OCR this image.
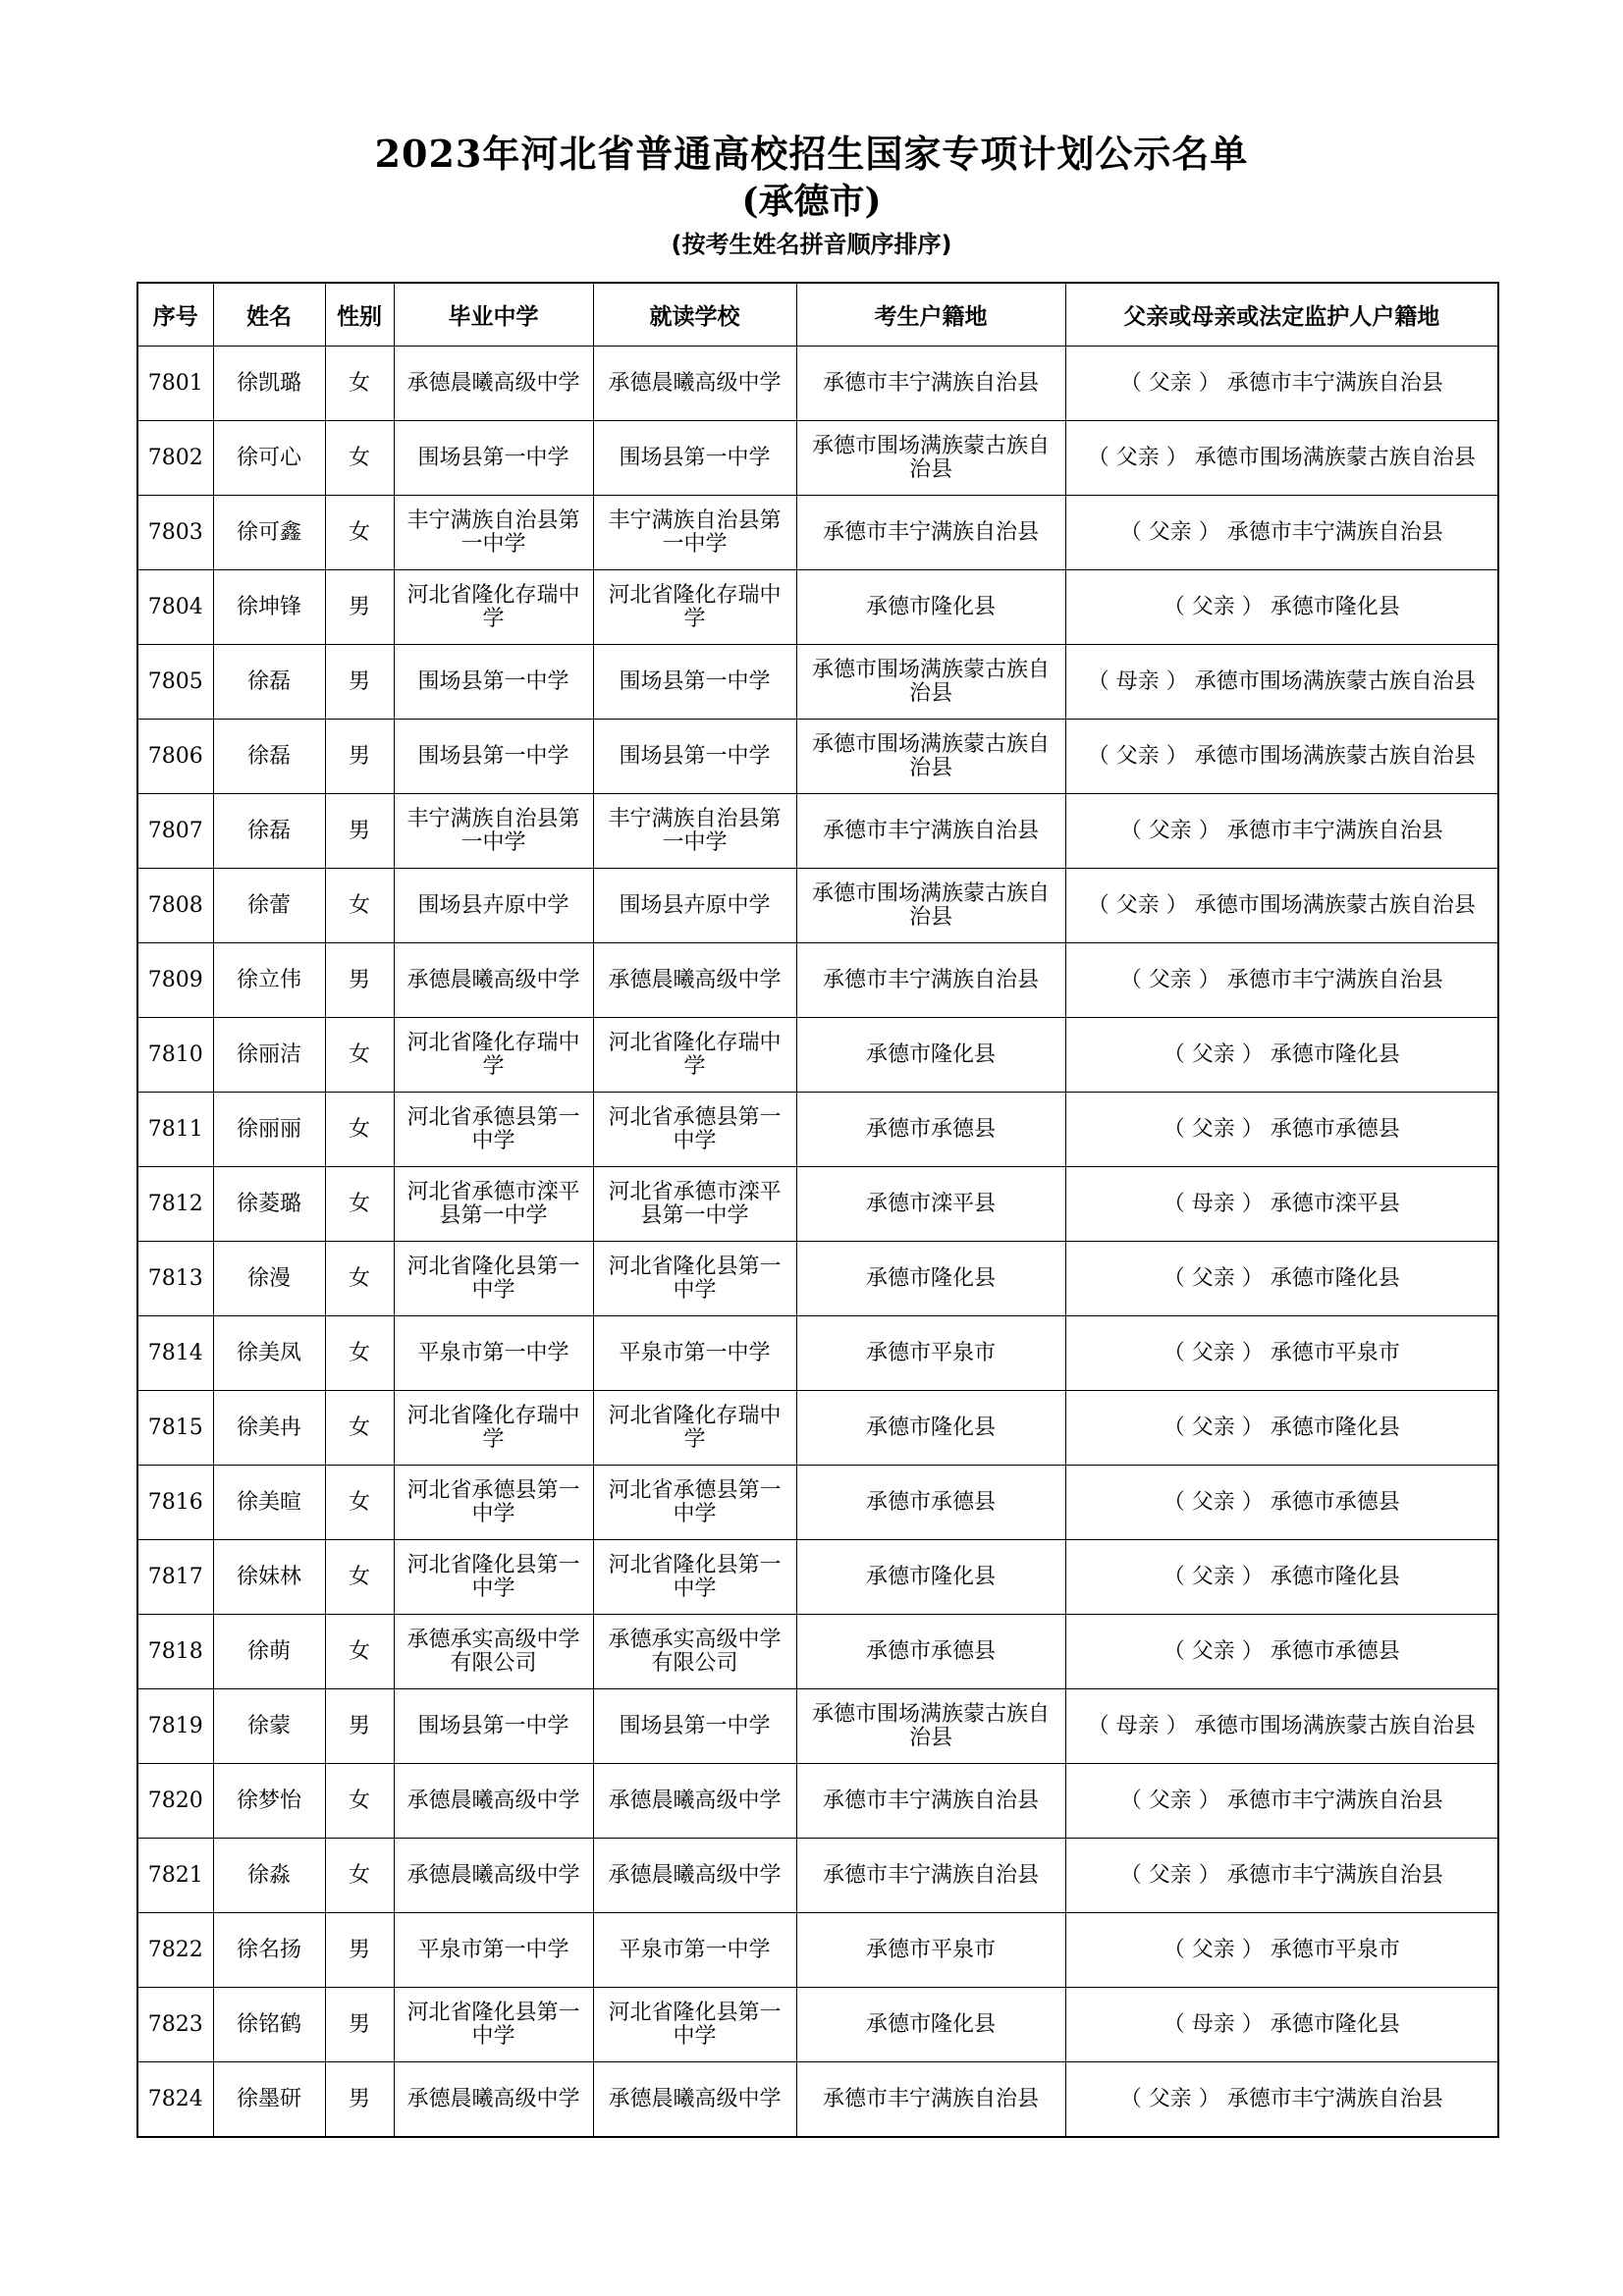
2023年河北省普通高校招生国家专项计划公示名单
(承德市)
(按考生姓名拼音顺序排序)
序号	姓名	性别	毕业中学	就读学校	考生户籍地	父亲或母亲或法定监护人户籍地
7801	徐凯璐	女	承德晨曦高级中学	承德晨曦高级中学	承德市丰宁满族自治县	（ 父亲 ） 承德市丰宁满族自治县
7802	徐可心	女	围场县第一中学	围场县第一中学	承德市围场满族蒙古族自治县	（ 父亲 ） 承德市围场满族蒙古族自治县
7803	徐可鑫	女	丰宁满族自治县第一中学	丰宁满族自治县第一中学	承德市丰宁满族自治县	（ 父亲 ） 承德市丰宁满族自治县
7804	徐坤锋	男	河北省隆化存瑞中学	河北省隆化存瑞中学	承德市隆化县	（ 父亲 ） 承德市隆化县
7805	徐磊	男	围场县第一中学	围场县第一中学	承德市围场满族蒙古族自治县	（ 母亲 ） 承德市围场满族蒙古族自治县
7806	徐磊	男	围场县第一中学	围场县第一中学	承德市围场满族蒙古族自治县	（ 父亲 ） 承德市围场满族蒙古族自治县
7807	徐磊	男	丰宁满族自治县第一中学	丰宁满族自治县第一中学	承德市丰宁满族自治县	（ 父亲 ） 承德市丰宁满族自治县
7808	徐蕾	女	围场县卉原中学	围场县卉原中学	承德市围场满族蒙古族自治县	（ 父亲 ） 承德市围场满族蒙古族自治县
7809	徐立伟	男	承德晨曦高级中学	承德晨曦高级中学	承德市丰宁满族自治县	（ 父亲 ） 承德市丰宁满族自治县
7810	徐丽洁	女	河北省隆化存瑞中学	河北省隆化存瑞中学	承德市隆化县	（ 父亲 ） 承德市隆化县
7811	徐丽丽	女	河北省承德县第一中学	河北省承德县第一中学	承德市承德县	（ 父亲 ） 承德市承德县
7812	徐菱璐	女	河北省承德市滦平县第一中学	河北省承德市滦平县第一中学	承德市滦平县	（ 母亲 ） 承德市滦平县
7813	徐漫	女	河北省隆化县第一中学	河北省隆化县第一中学	承德市隆化县	（ 父亲 ） 承德市隆化县
7814	徐美凤	女	平泉市第一中学	平泉市第一中学	承德市平泉市	（ 父亲 ） 承德市平泉市
7815	徐美冉	女	河北省隆化存瑞中学	河北省隆化存瑞中学	承德市隆化县	（ 父亲 ） 承德市隆化县
7816	徐美暄	女	河北省承德县第一中学	河北省承德县第一中学	承德市承德县	（ 父亲 ） 承德市承德县
7817	徐妹林	女	河北省隆化县第一中学	河北省隆化县第一中学	承德市隆化县	（ 父亲 ） 承德市隆化县
7818	徐萌	女	承德承实高级中学有限公司	承德承实高级中学有限公司	承德市承德县	（ 父亲 ） 承德市承德县
7819	徐蒙	男	围场县第一中学	围场县第一中学	承德市围场满族蒙古族自治县	（ 母亲 ） 承德市围场满族蒙古族自治县
7820	徐梦怡	女	承德晨曦高级中学	承德晨曦高级中学	承德市丰宁满族自治县	（ 父亲 ） 承德市丰宁满族自治县
7821	徐淼	女	承德晨曦高级中学	承德晨曦高级中学	承德市丰宁满族自治县	（ 父亲 ） 承德市丰宁满族自治县
7822	徐名扬	男	平泉市第一中学	平泉市第一中学	承德市平泉市	（ 父亲 ） 承德市平泉市
7823	徐铭鹤	男	河北省隆化县第一中学	河北省隆化县第一中学	承德市隆化县	（ 母亲 ） 承德市隆化县
7824	徐墨研	男	承德晨曦高级中学	承德晨曦高级中学	承德市丰宁满族自治县	（ 父亲 ） 承德市丰宁满族自治县
